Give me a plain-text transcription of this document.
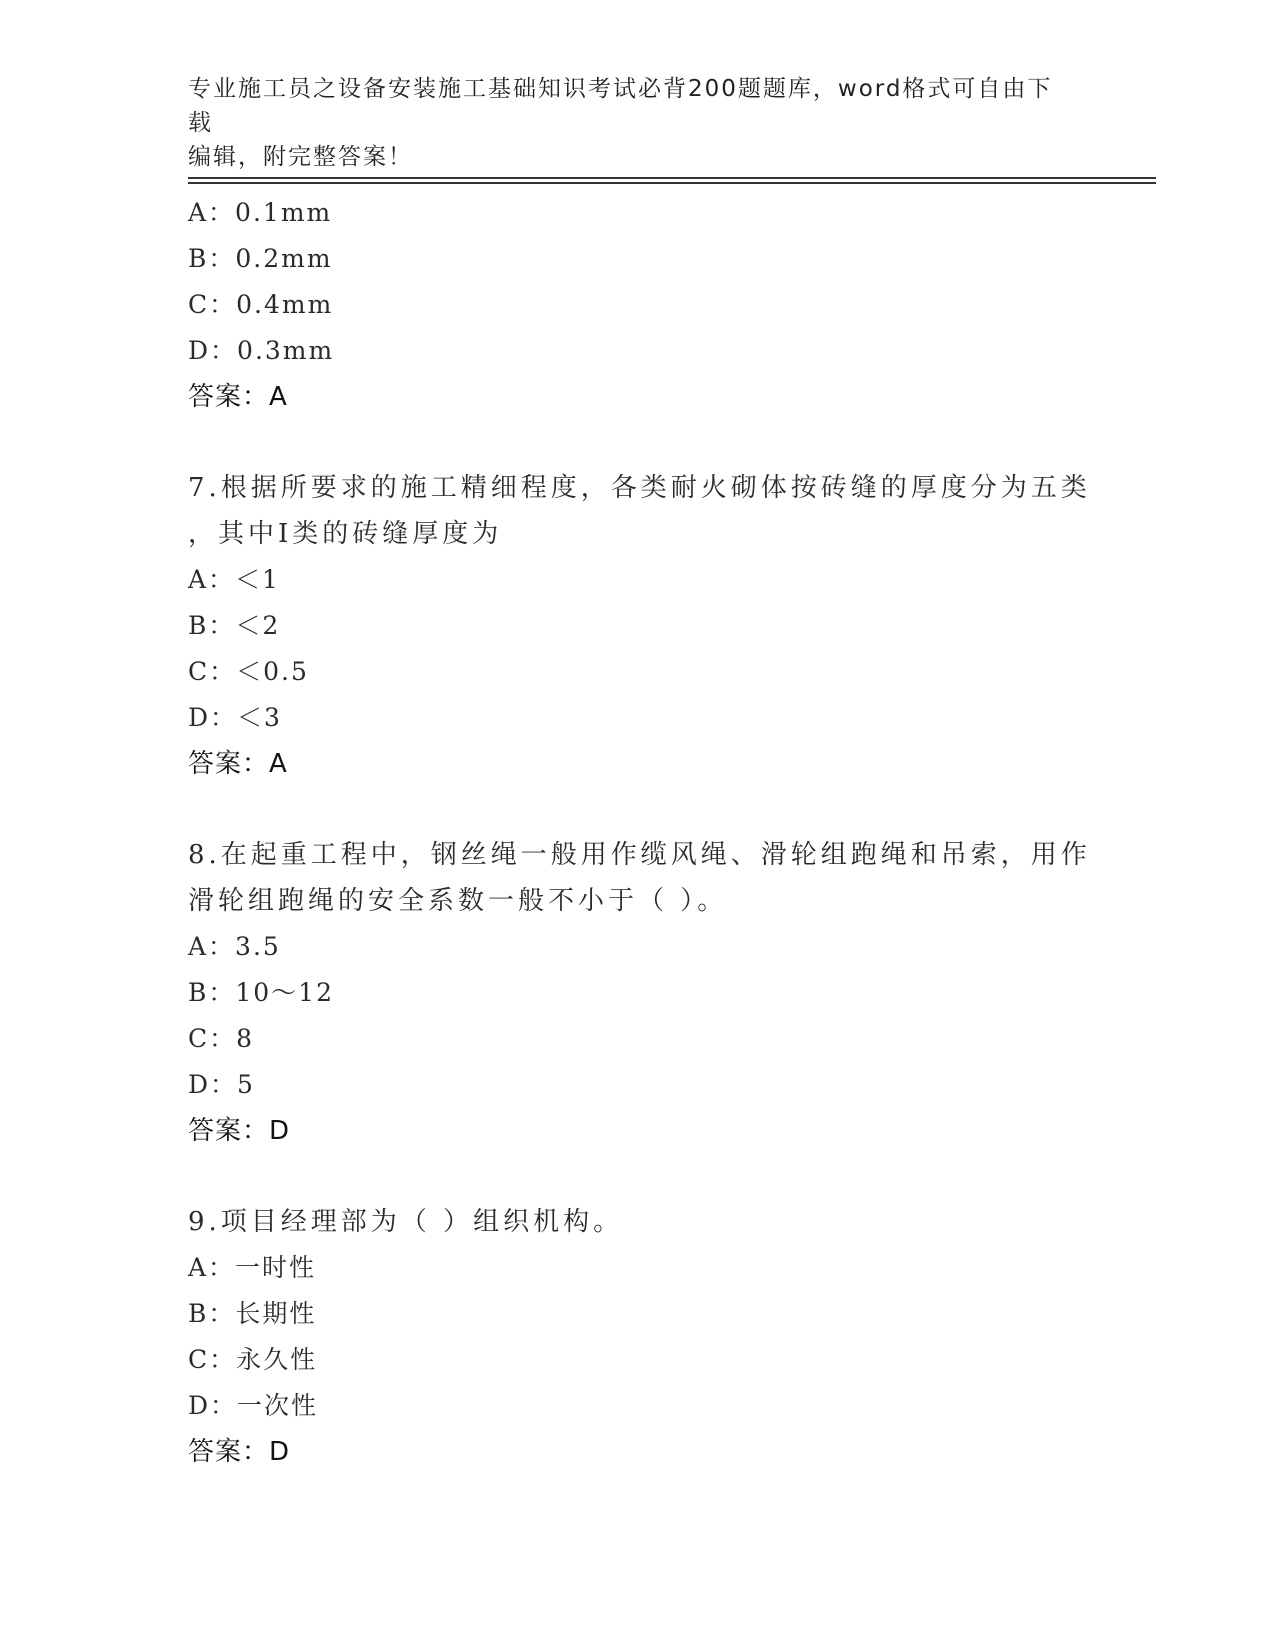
专业施工员之设备安装施工基础知识考试必背200题题库，word格式可自由下载
编辑，附完整答案！
A：0.1mm
B：0.2mm
C：0.4mm
D：0.3mm
答案：A
7.根据所要求的施工精细程度，各类耐火砌体按砖缝的厚度分为五类
，其中Ⅰ类的砖缝厚度为
A：＜1
B：＜2
C：＜0.5
D：＜3
答案：A
8.在起重工程中，钢丝绳一般用作缆风绳、滑轮组跑绳和吊索，用作
滑轮组跑绳的安全系数一般不小于（ ）。
A：3.5
B：10～12
C：8
D：5
答案：D
9.项目经理部为（ ）组织机构。
A：一时性
B：长期性
C：永久性
D：一次性
答案：D
